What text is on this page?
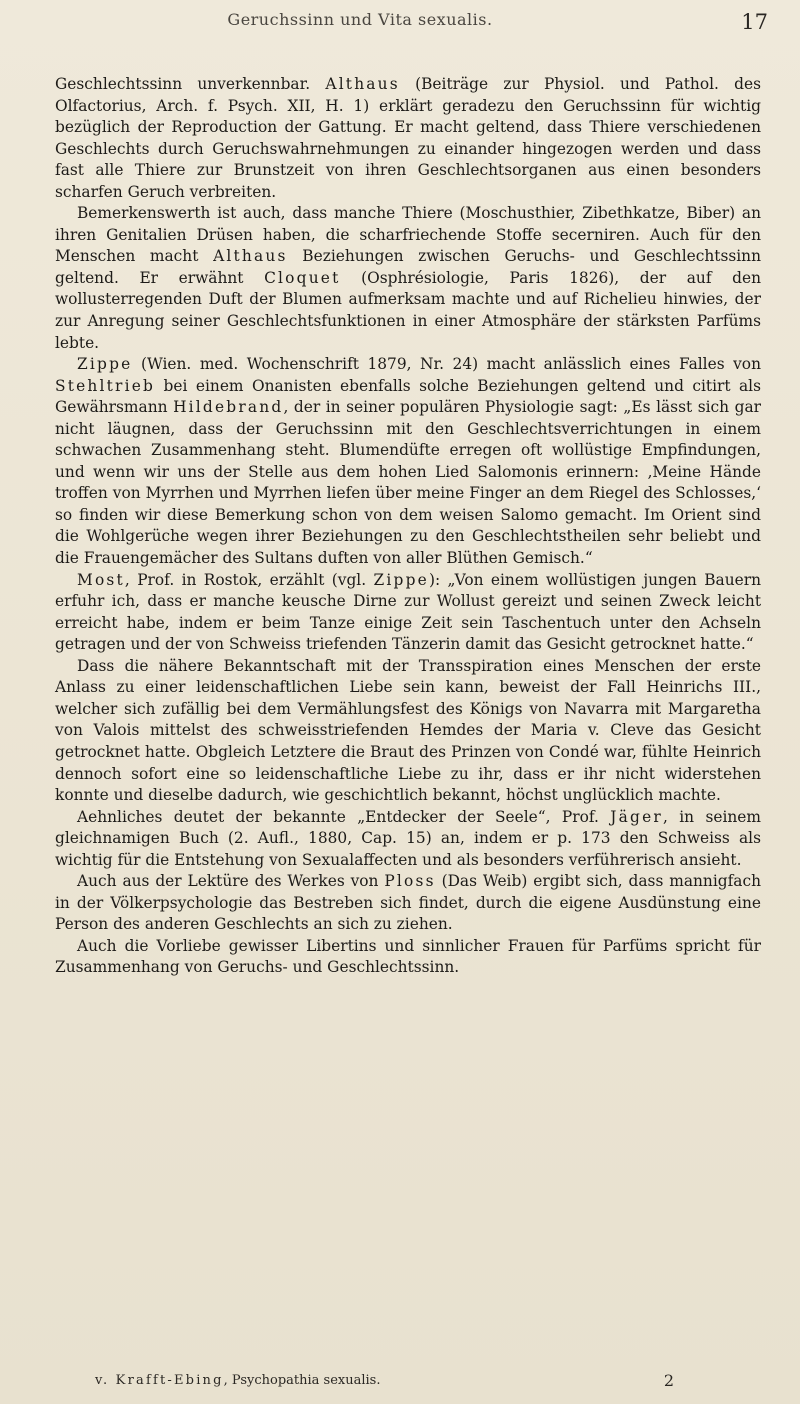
Geruchssinn und Vita sexualis.	17

Geschlechtssinn unverkennbar. Althaus (Beiträge zur Physiol. und Pathol. des Olfactorius, Arch. f. Psych. XII, H. 1) erklärt geradezu den Geruchssinn für wichtig bezüglich der Reproduction der Gattung. Er macht geltend, dass Thiere verschiedenen Geschlechts durch Geruchswahrnehmungen zu einander hingezogen werden und dass fast alle Thiere zur Brunstzeit von ihren Geschlechtsorganen aus einen besonders scharfen Geruch verbreiten.

Bemerkenswerth ist auch, dass manche Thiere (Moschusthier, Zibethkatze, Biber) an ihren Genitalien Drüsen haben, die scharfriechende Stoffe secerniren. Auch für den Menschen macht Althaus Beziehungen zwischen Geruchs- und Geschlechtssinn geltend. Er erwähnt Cloquet (Osphrésiologie, Paris 1826), der auf den wollusterregenden Duft der Blumen aufmerksam machte und auf Richelieu hinwies, der zur Anregung seiner Geschlechtsfunktionen in einer Atmosphäre der stärksten Parfüms lebte.

Zippe (Wien. med. Wochenschrift 1879, Nr. 24) macht anlässlich eines Falles von Stehltrieb bei einem Onanisten ebenfalls solche Beziehungen geltend und citirt als Gewährsmann Hildebrand, der in seiner populären Physiologie sagt: „Es lässt sich gar nicht läugnen, dass der Geruchssinn mit den Geschlechtsverrichtungen in einem schwachen Zusammenhang steht. Blumendüfte erregen oft wollüstige Empfindungen, und wenn wir uns der Stelle aus dem hohen Lied Salomonis erinnern: ‚Meine Hände troffen von Myrrhen und Myrrhen liefen über meine Finger an dem Riegel des Schlosses,‘ so finden wir diese Bemerkung schon von dem weisen Salomo gemacht. Im Orient sind die Wohlgerüche wegen ihrer Beziehungen zu den Geschlechtstheilen sehr beliebt und die Frauengemächer des Sultans duften von aller Blüthen Gemisch.“

Most, Prof. in Rostok, erzählt (vgl. Zippe): „Von einem wollüstigen jungen Bauern erfuhr ich, dass er manche keusche Dirne zur Wollust gereizt und seinen Zweck leicht erreicht habe, indem er beim Tanze einige Zeit sein Taschentuch unter den Achseln getragen und der von Schweiss triefenden Tänzerin damit das Gesicht getrocknet hatte.“

Dass die nähere Bekanntschaft mit der Transspiration eines Menschen der erste Anlass zu einer leidenschaftlichen Liebe sein kann, beweist der Fall Heinrichs III., welcher sich zufällig bei dem Vermählungsfest des Königs von Navarra mit Margaretha von Valois mittelst des schweisstriefenden Hemdes der Maria v. Cleve das Gesicht getrocknet hatte. Obgleich Letztere die Braut des Prinzen von Condé war, fühlte Heinrich dennoch sofort eine so leidenschaftliche Liebe zu ihr, dass er ihr nicht widerstehen konnte und dieselbe dadurch, wie geschichtlich bekannt, höchst unglücklich machte.

Aehnliches deutet der bekannte „Entdecker der Seele“, Prof. Jäger, in seinem gleichnamigen Buch (2. Aufl., 1880, Cap. 15) an, indem er p. 173 den Schweiss als wichtig für die Entstehung von Sexualaffecten und als besonders verführerisch ansieht.

Auch aus der Lektüre des Werkes von Ploss (Das Weib) ergibt sich, dass mannigfach in der Völkerpsychologie das Bestreben sich findet, durch die eigene Ausdünstung eine Person des anderen Geschlechts an sich zu ziehen.

Auch die Vorliebe gewisser Libertins und sinnlicher Frauen für Parfüms spricht für Zusammenhang von Geruchs- und Geschlechtssinn.

v. Krafft-Ebing, Psychopathia sexualis.	2
